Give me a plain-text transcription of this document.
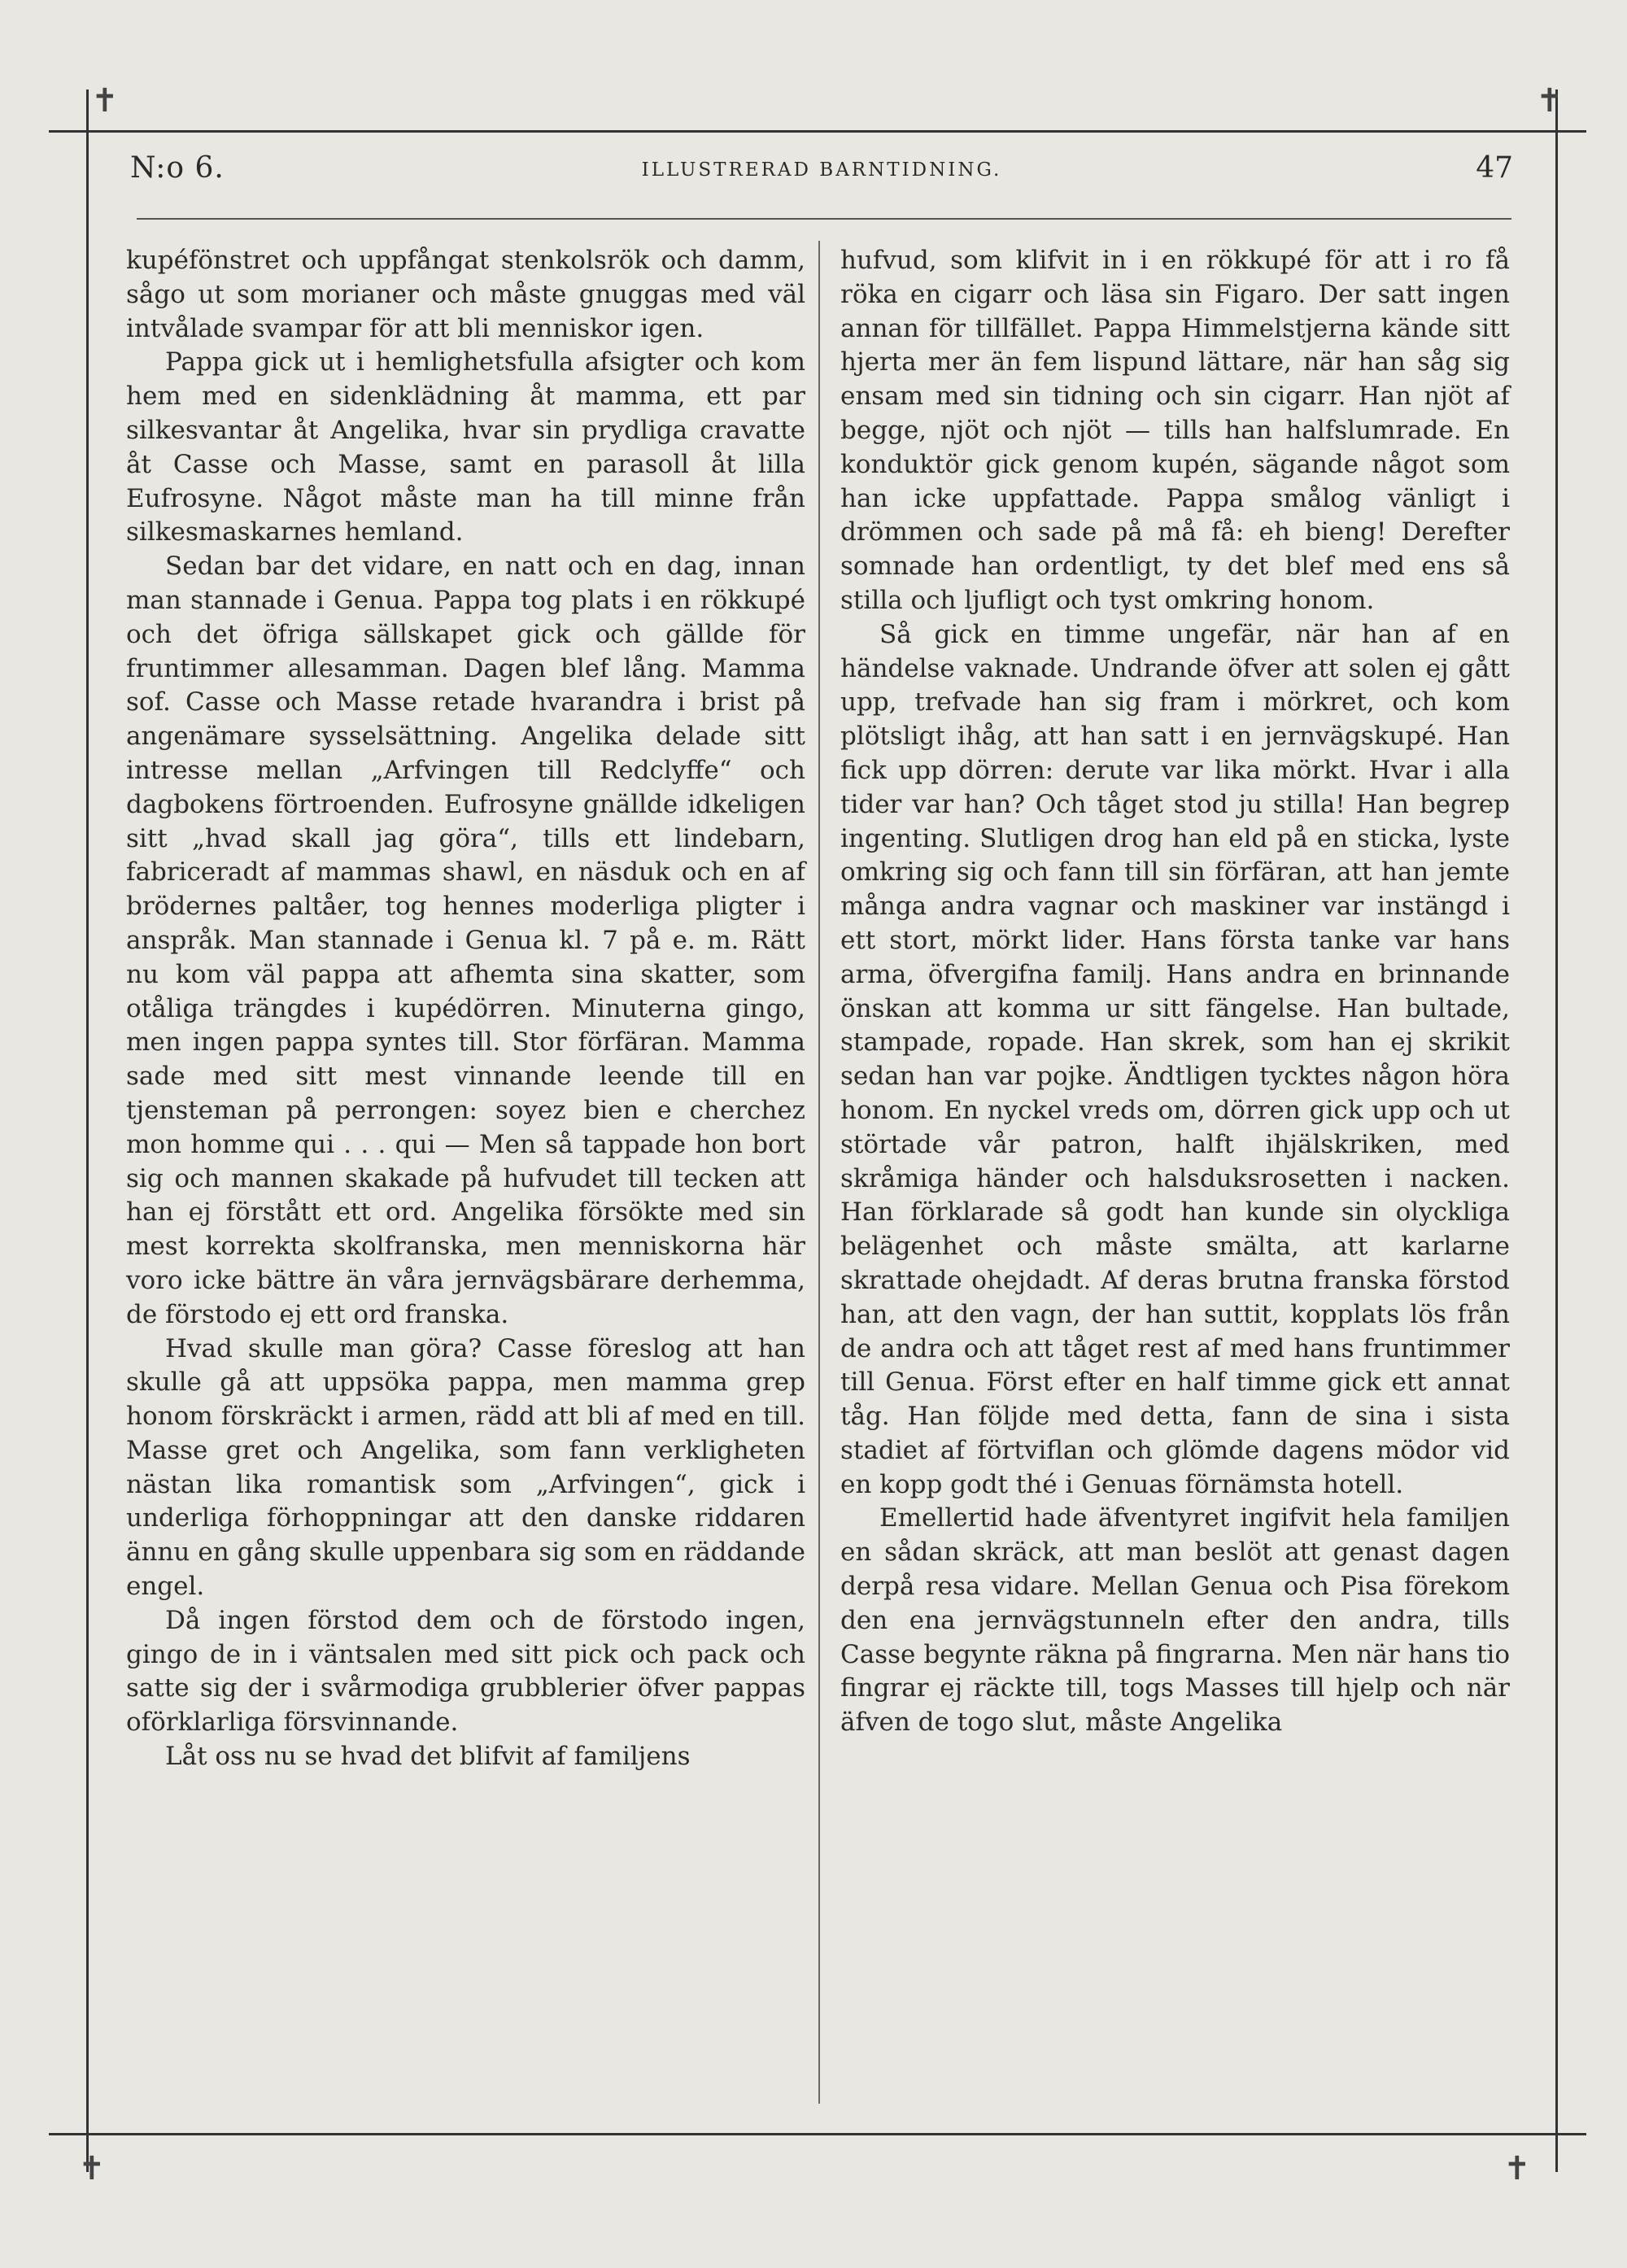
✝	✝
✝	✝
N:o 6.	ILLUSTRERAD BARNTIDNING.	47

kupéfönstret och uppfångat stenkolsrök och damm, sågo ut som morianer och måste gnuggas med väl intvålade svampar för att bli menniskor igen.

Pappa gick ut i hemlighetsfulla afsigter och kom hem med en sidenklädning åt mamma, ett par silkesvantar åt Angelika, hvar sin prydliga cravatte åt Casse och Masse, samt en parasoll åt lilla Eufrosyne. Något måste man ha till minne från silkesmaskarnes hemland.

Sedan bar det vidare, en natt och en dag, innan man stannade i Genua. Pappa tog plats i en rökkupé och det öfriga sällskapet gick och gällde för fruntimmer allesamman. Dagen blef lång. Mamma sof. Casse och Masse retade hvarandra i brist på angenämare sysselsättning. Angelika delade sitt intresse mellan „Arfvingen till Redclyffe“ och dagbokens förtroenden. Eufrosyne gnällde idkeligen sitt „hvad skall jag göra“, tills ett lindebarn, fabriceradt af mammas shawl, en näsduk och en af brödernes paltåer, tog hennes moderliga pligter i anspråk. Man stannade i Genua kl. 7 på e. m. Rätt nu kom väl pappa att afhemta sina skatter, som otåliga trängdes i kupédörren. Minuterna gingo, men ingen pappa syntes till. Stor förfäran. Mamma sade med sitt mest vinnande leende till en tjensteman på perrongen: soyez bien e cherchez mon homme qui . . . qui — Men så tappade hon bort sig och mannen skakade på hufvudet till tecken att han ej förstått ett ord. Angelika försökte med sin mest korrekta skolfranska, men menniskorna här voro icke bättre än våra jernvägsbärare derhemma, de förstodo ej ett ord franska.

Hvad skulle man göra? Casse föreslog att han skulle gå att uppsöka pappa, men mamma grep honom förskräckt i armen, rädd att bli af med en till. Masse gret och Angelika, som fann verkligheten nästan lika romantisk som „Arfvingen“, gick i underliga förhoppningar att den danske riddaren ännu en gång skulle uppenbara sig som en räddande engel.

Då ingen förstod dem och de förstodo ingen, gingo de in i väntsalen med sitt pick och pack och satte sig der i svårmodiga grubblerier öfver pappas oförklarliga försvinnande.

Låt oss nu se hvad det blifvit af familjens

hufvud, som klifvit in i en rökkupé för att i ro få röka en cigarr och läsa sin Figaro. Der satt ingen annan för tillfället. Pappa Himmelstjerna kände sitt hjerta mer än fem lispund lättare, när han såg sig ensam med sin tidning och sin cigarr. Han njöt af begge, njöt och njöt — tills han halfslumrade. En konduktör gick genom kupén, sägande något som han icke uppfattade. Pappa smålog vänligt i drömmen och sade på må få: eh bieng! Derefter somnade han ordentligt, ty det blef med ens så stilla och ljufligt och tyst omkring honom.

Så gick en timme ungefär, när han af en händelse vaknade. Undrande öfver att solen ej gått upp, trefvade han sig fram i mörkret, och kom plötsligt ihåg, att han satt i en jernvägskupé. Han fick upp dörren: derute var lika mörkt. Hvar i alla tider var han? Och tåget stod ju stilla! Han begrep ingenting. Slutligen drog han eld på en sticka, lyste omkring sig och fann till sin förfäran, att han jemte många andra vagnar och maskiner var instängd i ett stort, mörkt lider. Hans första tanke var hans arma, öfvergifna familj. Hans andra en brinnande önskan att komma ur sitt fängelse. Han bultade, stampade, ropade. Han skrek, som han ej skrikit sedan han var pojke. Ändtligen tycktes någon höra honom. En nyckel vreds om, dörren gick upp och ut störtade vår patron, halft ihjälskriken, med skråmiga händer och halsduksrosetten i nacken. Han förklarade så godt han kunde sin olyckliga belägenhet och måste smälta, att karlarne skrattade ohejdadt. Af deras brutna franska förstod han, att den vagn, der han suttit, kopplats lös från de andra och att tåget rest af med hans fruntimmer till Genua. Först efter en half timme gick ett annat tåg. Han följde med detta, fann de sina i sista stadiet af förtviflan och glömde dagens mödor vid en kopp godt thé i Genuas förnämsta hotell.

Emellertid hade äfventyret ingifvit hela familjen en sådan skräck, att man beslöt att genast dagen derpå resa vidare. Mellan Genua och Pisa förekom den ena jernvägstunneln efter den andra, tills Casse begynte räkna på fingrarna. Men när hans tio fingrar ej räckte till, togs Masses till hjelp och när äfven de togo slut, måste Angelika
